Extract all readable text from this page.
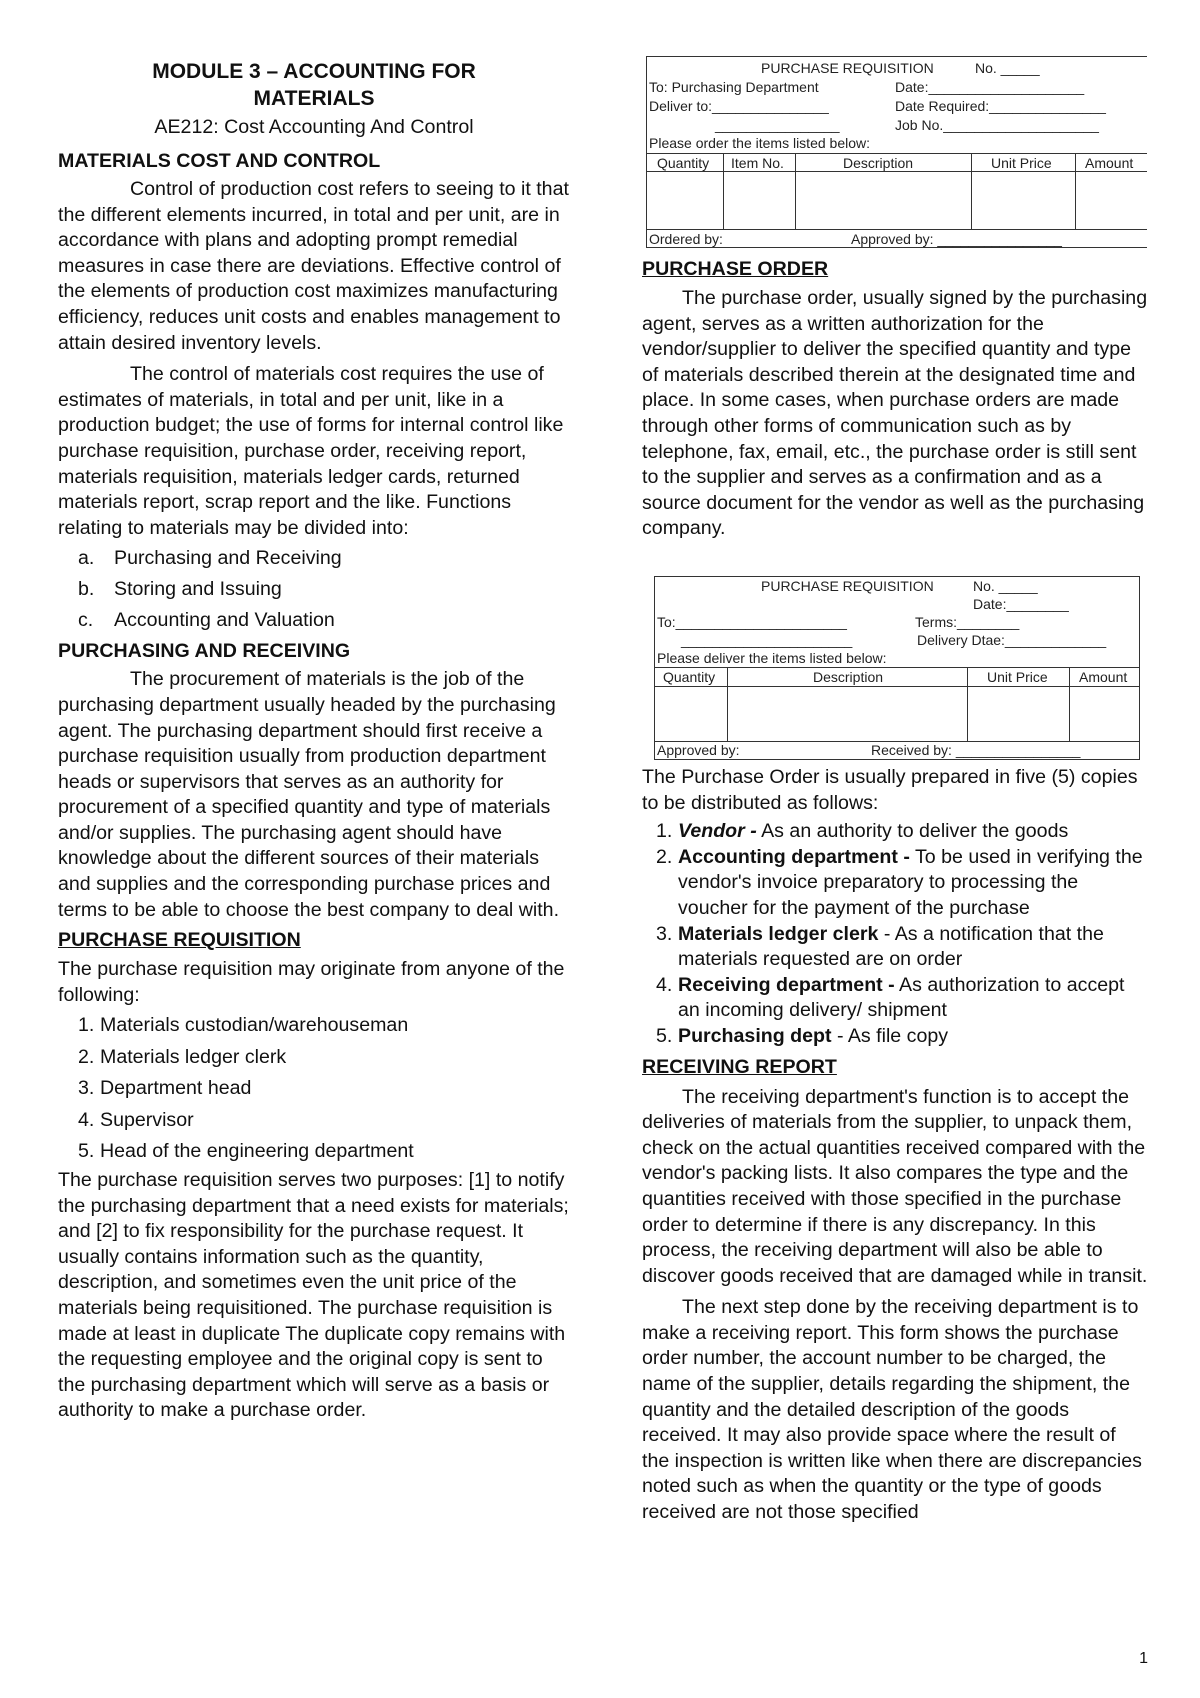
MODULE 3 – ACCOUNTING FOR
MATERIALS
AE212: Cost Accounting And Control

MATERIALS COST AND CONTROL

Control of production cost refers to seeing to it that the different elements incurred, in total and per unit, are in accordance with plans and adopting prompt remedial measures in case there are deviations. Effective control of the elements of production cost maximizes manufacturing efficiency, reduces unit costs and enables management to attain desired inventory levels.

The control of materials cost requires the use of estimates of materials, in total and per unit, like in a production budget; the use of forms for internal control like purchase requisition, purchase order, receiving report, materials requisition, materials ledger cards, returned materials report, scrap report and the like. Functions relating to materials may be divided into:

a. Purchasing and Receiving
b. Storing and Issuing
c. Accounting and Valuation

PURCHASING AND RECEIVING

The procurement of materials is the job of the purchasing department usually headed by the purchasing agent. The purchasing department should first receive a purchase requisition usually from production department heads or supervisors that serves as an authority for procurement of a specified quantity and type of materials and/or supplies. The purchasing agent should have knowledge about the different sources of their materials and supplies and the corresponding purchase prices and terms to be able to choose the best company to deal with.

PURCHASE REQUISITION

The purchase requisition may originate from anyone of the following:

1. Materials custodian/warehouseman
2. Materials ledger clerk
3. Department head
4. Supervisor
5. Head of the engineering department

The purchase requisition serves two purposes: [1] to notify the purchasing department that a need exists for materials; and [2] to fix responsibility for the purchase request. It usually contains information such as the quantity, description, and sometimes even the unit price of the materials being requisitioned. The purchase requisition is made at least in duplicate The duplicate copy remains with the requesting employee and the original copy is sent to the purchasing department which will serve as a basis or authority to make a purchase order.

PURCHASE REQUISITION	No. _____
To: Purchasing Department	Date:____________________
Deliver to:_______________	Date Required:_______________
________________	Job No.____________________
Please order the items listed below:
Quantity Item No.	Description	Unit Price Amount
Ordered by:	Approved by: ________________

PURCHASE ORDER

The purchase order, usually signed by the purchasing agent, serves as a written authorization for the vendor/supplier to deliver the specified quantity and type of materials described therein at the designated time and place. In some cases, when purchase orders are made through other forms of communication such as by telephone, fax, email, etc., the purchase order is still sent to the supplier and serves as a confirmation and as a source document for the vendor as well as the purchasing company.

PURCHASE REQUISITION	No. _____
Date:________
To:______________________	Terms:________
______________________	Delivery Dtae:_____________
Please deliver the items listed below:
Quantity	Description	Unit Price Amount
Approved by:	Received by: ________________

The Purchase Order is usually prepared in five (5) copies to be distributed as follows:

1. Vendor - As an authority to deliver the goods
2. Accounting department - To be used in verifying the vendor's invoice preparatory to processing the voucher for the payment of the purchase
3. Materials ledger clerk - As a notification that the materials requested are on order
4. Receiving department - As authorization to accept an incoming delivery/ shipment
5. Purchasing dept - As file copy

RECEIVING REPORT

The receiving department's function is to accept the deliveries of materials from the supplier, to unpack them, check on the actual quantities received compared with the vendor's packing lists. It also compares the type and the quantities received with those specified in the purchase order to determine if there is any discrepancy. In this process, the receiving department will also be able to discover goods received that are damaged while in transit.

The next step done by the receiving department is to make a receiving report. This form shows the purchase order number, the account number to be charged, the name of the supplier, details regarding the shipment, the quantity and the detailed description of the goods received. It may also provide space where the result of the inspection is written like when there are discrepancies noted such as when the quantity or the type of goods received are not those specified

1
